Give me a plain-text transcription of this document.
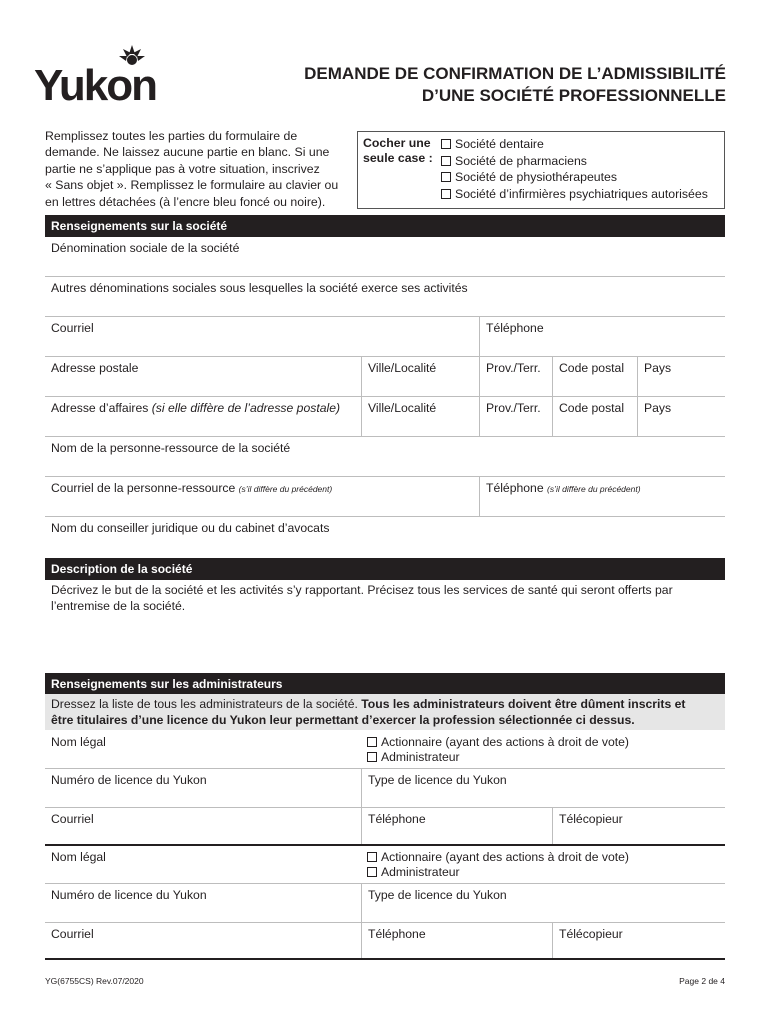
Yukon	DEMANDE DE CONFIRMATION DE L’ADMISSIBILITÉ
D’UNE SOCIÉTÉ PROFESSIONNELLE
Remplissez toutes les parties du formulaire de
demande. Ne laissez aucune partie en blanc. Si une
partie ne s’applique pas à votre situation, inscrivez
« Sans objet ». Remplissez le formulaire au clavier ou
en lettres détachées (à l’encre bleu foncé ou noire).
Cocher une
seule case :
Société dentaire
Société de pharmaciens
Société de physiothérapeutes
Société d’infirmières psychiatriques autorisées
Renseignements sur la société
Dénomination sociale de la société
Autres dénominations sociales sous lesquelles la société exerce ses activités
Courriel	Téléphone
Adresse postale	Ville/Localité	Prov./Terr.	Code postal	Pays
Adresse d’affaires (si elle diffère de l’adresse postale)	Ville/Localité	Prov./Terr.	Code postal	Pays
Nom de la personne-ressource de la société
Courriel de la personne-ressource (s’il diffère du précédent)	Téléphone (s’il diffère du précédent)
Nom du conseiller juridique ou du cabinet d’avocats
Description de la société
Décrivez le but de la société et les activités s’y rapportant. Précisez tous les services de santé qui seront offerts par
l’entremise de la société.
Renseignements sur les administrateurs
Dressez la liste de tous les administrateurs de la société. Tous les administrateurs doivent être dûment inscrits et
être titulaires d’une licence du Yukon leur permettant d’exercer la profession sélectionnée ci dessus.
Nom légal	Actionnaire (ayant des actions à droit de vote)
Administrateur
Numéro de licence du Yukon	Type de licence du Yukon
Courriel	Téléphone	Télécopieur
Nom légal	Actionnaire (ayant des actions à droit de vote)
Administrateur
Numéro de licence du Yukon	Type de licence du Yukon
Courriel	Téléphone	Télécopieur
YG(6755CS) Rev.07/2020	Page 2 de 4
